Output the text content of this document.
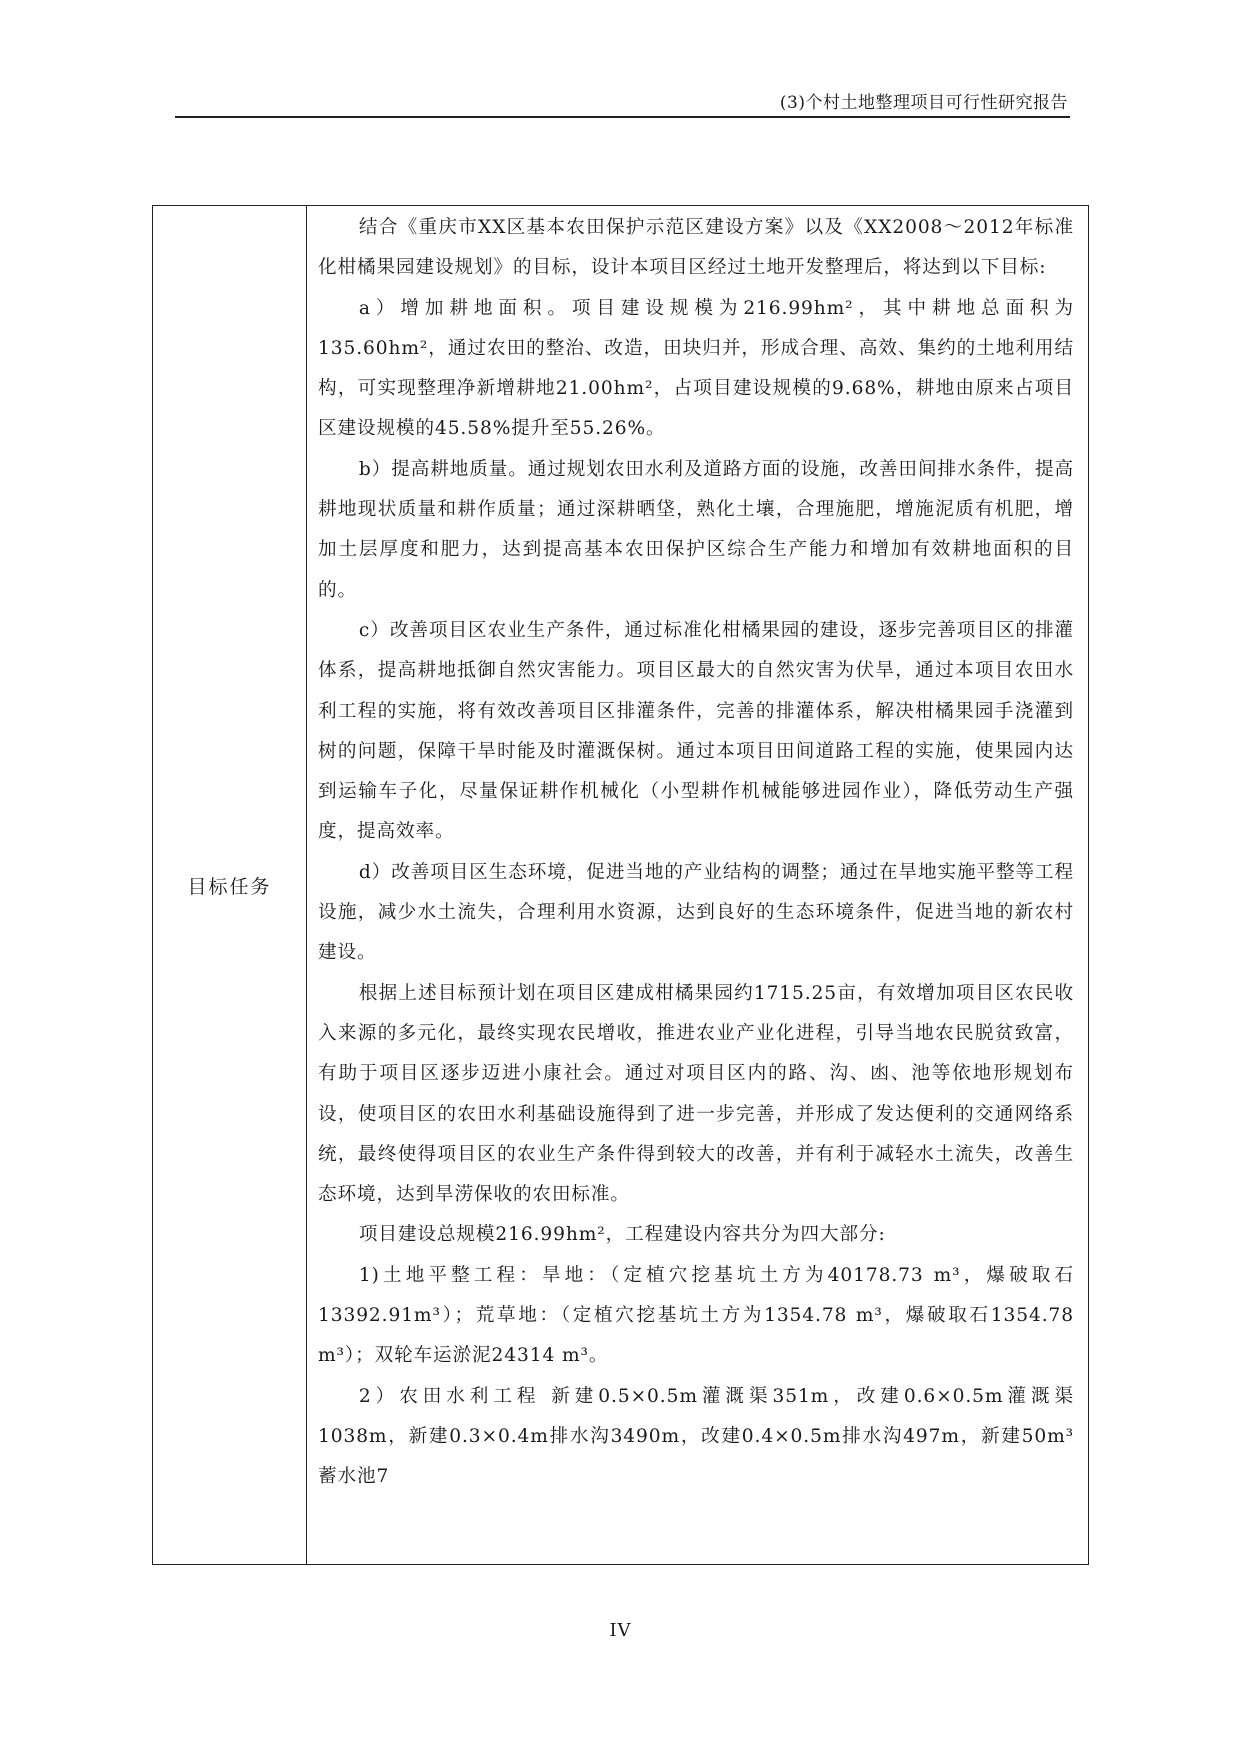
(3)个村土地整理项目可行性研究报告
目标任务

结合《重庆市XX区基本农田保护示范区建设方案》以及《XX2008～2012年标准化柑橘果园建设规划》的目标，设计本项目区经过土地开发整理后，将达到以下目标:

a）增加耕地面积。项目建设规模为216.99hm²，其中耕地总面积为135.60hm²，通过农田的整治、改造，田块归并，形成合理、高效、集约的土地利用结构，可实现整理净新增耕地21.00hm²，占项目建设规模的9.68%，耕地由原来占项目区建设规模的45.58%提升至55.26%。

b）提高耕地质量。通过规划农田水利及道路方面的设施，改善田间排水条件，提高耕地现状质量和耕作质量；通过深耕晒垡，熟化土壤，合理施肥，增施泥质有机肥，增加土层厚度和肥力，达到提高基本农田保护区综合生产能力和增加有效耕地面积的目的。

c）改善项目区农业生产条件，通过标准化柑橘果园的建设，逐步完善项目区的排灌体系，提高耕地抵御自然灾害能力。项目区最大的自然灾害为伏旱，通过本项目农田水利工程的实施，将有效改善项目区排灌条件，完善的排灌体系，解决柑橘果园手浇灌到树的问题，保障干旱时能及时灌溉保树。通过本项目田间道路工程的实施，使果园内达到运输车子化，尽量保证耕作机械化（小型耕作机械能够进园作业），降低劳动生产强度，提高效率。

d）改善项目区生态环境，促进当地的产业结构的调整；通过在旱地实施平整等工程设施，减少水土流失，合理利用水资源，达到良好的生态环境条件，促进当地的新农村建设。

根据上述目标预计划在项目区建成柑橘果园约1715.25亩，有效增加项目区农民收入来源的多元化，最终实现农民增收，推进农业产业化进程，引导当地农民脱贫致富，有助于项目区逐步迈进小康社会。通过对项目区内的路、沟、凼、池等依地形规划布设，使项目区的农田水利基础设施得到了进一步完善，并形成了发达便利的交通网络系统，最终使得项目区的农业生产条件得到较大的改善，并有利于减轻水土流失，改善生态环境，达到旱涝保收的农田标准。

项目建设总规模216.99hm²，工程建设内容共分为四大部分:

1)土地平整工程：旱地：（定植穴挖基坑土方为40178.73 m³，爆破取石13392.91m³）；荒草地：（定植穴挖基坑土方为1354.78 m³，爆破取石1354.78 m³）；双轮车运淤泥24314 m³。

2）农田水利工程 新建0.5×0.5m灌溉渠351m，改建0.6×0.5m灌溉渠1038m，新建0.3×0.4m排水沟3490m，改建0.4×0.5m排水沟497m，新建50m³蓄水池7

IV
